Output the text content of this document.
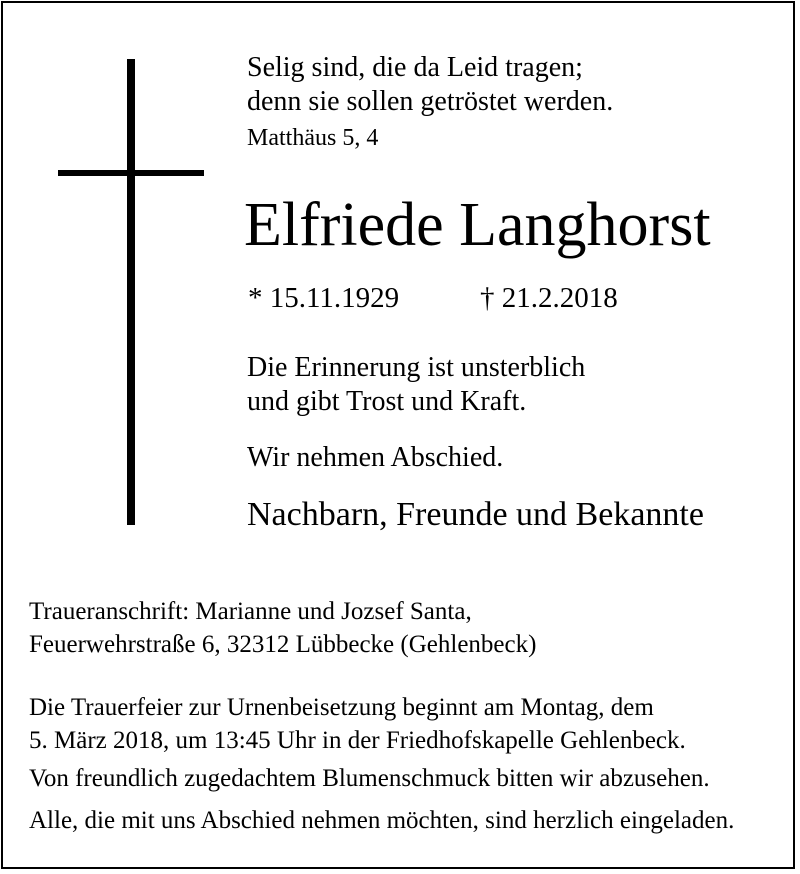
Selig sind, die da Leid tragen;
denn sie sollen getröstet werden.
Matthäus 5, 4
Elfriede Langhorst
* 15.11.1929	† 21.2.2018
Die Erinnerung ist unsterblich
und gibt Trost und Kraft.
Wir nehmen Abschied.
Nachbarn, Freunde und Bekannte
Traueranschrift: Marianne und Jozsef Santa,
Feuerwehrstraße 6, 32312 Lübbecke (Gehlenbeck)
Die Trauerfeier zur Urnenbeisetzung beginnt am Montag, dem
5. März 2018, um 13:45 Uhr in der Friedhofskapelle Gehlenbeck.
Von freundlich zugedachtem Blumenschmuck bitten wir abzusehen.
Alle, die mit uns Abschied nehmen möchten, sind herzlich eingeladen.
